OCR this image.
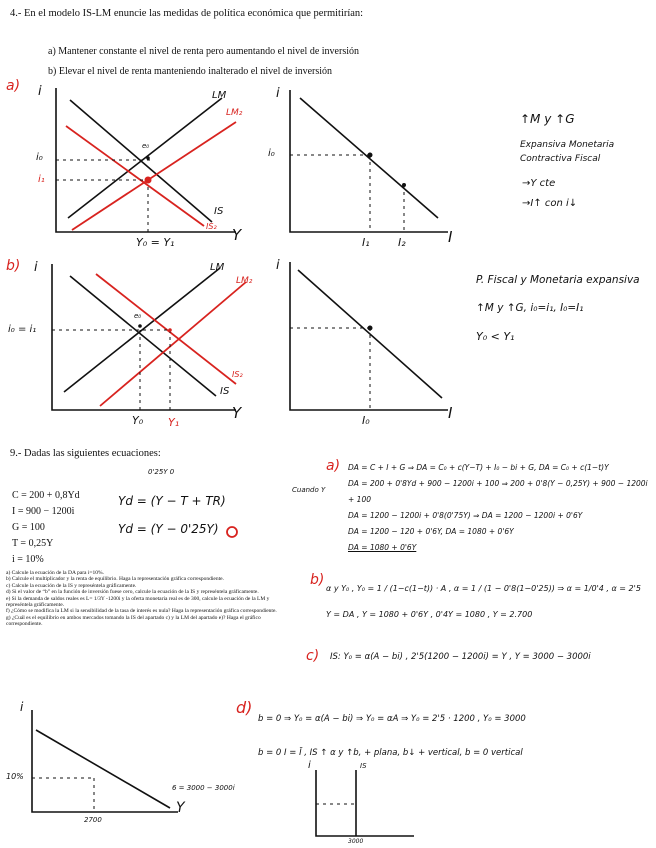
4.- En el modelo IS-LM enuncie las medidas de política económica que permitirían:
a) Mantener constante el nivel de renta pero aumentando el nivel de inversión
b) Elevar el nivel de renta manteniendo inalterado el nivel de inversión
a)
b)
i
Y
LM
LM₂
IS
IS₂
i₀
i₁
Y₀ = Y₁
e₀
i
I
i₀
I₁	I₂
↑M y ↑G
Expansiva Monetaria
Contractiva Fiscal
→Y cte
→I↑ con i↓
i
Y
LM
LM₂
IS
IS₂
i₀ = i₁
Y₀ Y₁
e₀
i
I
I₀
P. Fiscal y Monetaria expansiva
↑M y ↑G, i₀=i₁, I₀=I₁
Y₀ < Y₁
9.- Dadas las siguientes ecuaciones:
C = 200 + 0,8Yd
I = 900 − 1200i
G = 100
T = 0,25Y
i = 10%
0'25Y 0
Yd = (Y − T + TR)
Yd = (Y − 0'25Y)
a) Calcule la ecuación de la DA para i=10%.
b) Calcule el multiplicador y la renta de equilibrio. Haga la representación gráfica correspondiente.
c) Calcule la ecuación de la IS y represéntela gráficamente.
d) Si el valor de “b” en la función de inversión fuese cero, calcule la ecuación de la IS y represéntela gráficamente.
e) Si la demanda de saldos reales es L= 1/3Y -1200i y la oferta monetaria real es de 300, calcule la ecuación de la LM y represéntela gráficamente.
f) ¿Cómo se modifica la LM si la sensibilidad de la tasa de interés es nula? Haga la representación gráfica correspondiente.
g) ¿Cuál es el equilibrio en ambos mercados tomando la IS del apartado c) y la LM del apartado e)? Haga el gráfico correspondiente.
a) DA = C + I + G ⇒ DA = C₀ + c(Y−T) + I₀ − bi + G, DA = C₀ + c(1−t)Y
DA = 200 + 0'8Yd + 900 − 1200i + 100 ⇒ 200 + 0'8(Y − 0,25Y) + 900 − 1200i + 100
DA = 1200 − 1200i + 0'8(0'75Y) ⇒ DA = 1200 − 1200i + 0'6Y
DA = 1200 − 120 + 0'6Y, DA = 1080 + 0'6Y
DA = 1080 + 0'6Y
Cuando Y
b)
α y Y₀ , Y₀ = 1 / (1−c(1−t)) · A , α = 1 / (1 − 0'8(1−0'25)) ⇒ α = 1/0'4 , α = 2'5
Y = DA , Y = 1080 + 0'6Y , 0'4Y = 1080 , Y = 2.700
c) IS: Y₀ = α(A − bi) , 2'5(1200 − 1200i) = Y , Y = 3000 − 3000i
d)
b = 0 ⇒ Y₀ = α(A − bi) ⇒ Y₀ = αA ⇒ Y₀ = 2'5 · 1200 , Y₀ = 3000
b = 0 I = Ī , IS ↑ α y ↑b, + plana, b↓ + vertical, b = 0 vertical
i
Y
10%
2700
6 = 3000 − 3000i
i	IS
3000
